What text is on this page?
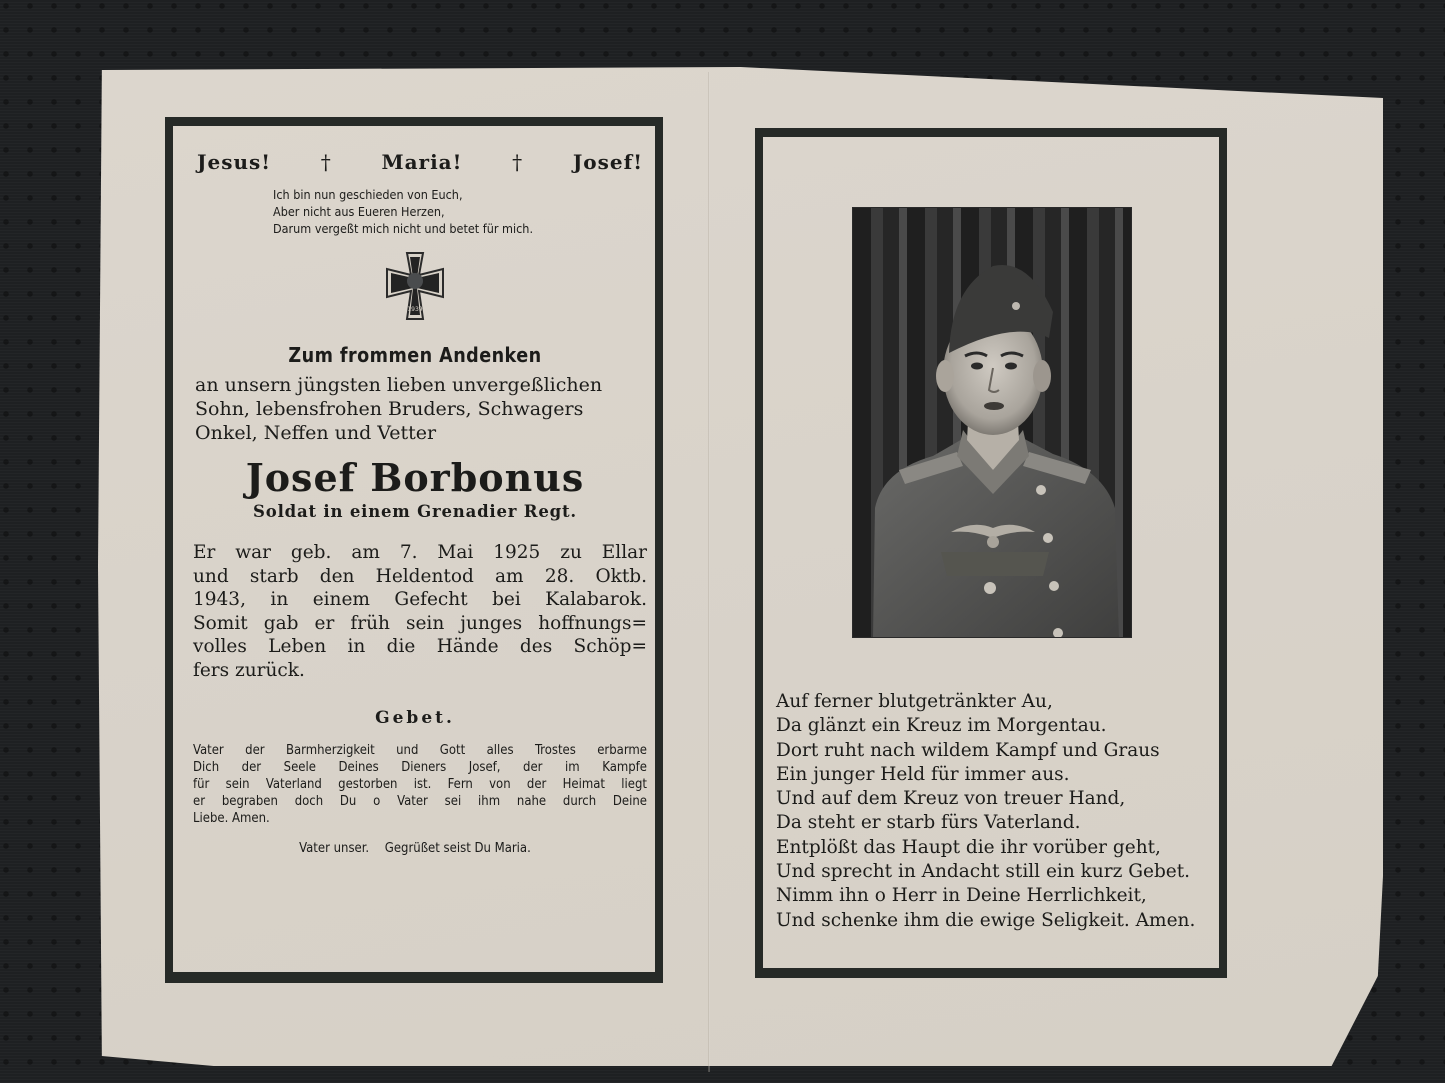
Jesus! † Maria! † Josef!
Ich bin nun geschieden von Euch,
Aber nicht aus Eueren Herzen,
Darum vergeßt mich nicht und betet für mich.
1939
Zum frommen Andenken
an unsern jüngsten lieben unvergeßlichen
Sohn, lebensfrohen Bruders, Schwagers
Onkel, Neffen und Vetter
Josef Borbonus
Soldat in einem Grenadier Regt.
Er war geb. am 7. Mai 1925 zu Ellar
und starb den Heldentod am 28. Oktb.
1943, in einem Gefecht bei Kalabarok.
Somit gab er früh sein junges hoffnungs=
volles Leben in die Hände des Schöp=
fers zurück.
Gebet.
Vater der Barmherzigkeit und Gott alles Trostes erbarme
Dich der Seele Deines Dieners Josef, der im Kampfe
für sein Vaterland gestorben ist. Fern von der Heimat liegt
er begraben doch Du o Vater sei ihm nahe durch Deine
Liebe. Amen.
Vater unser. Gegrüßet seist Du Maria.
Auf ferner blutgetränkter Au,
Da glänzt ein Kreuz im Morgentau.
Dort ruht nach wildem Kampf und Graus
Ein junger Held für immer aus.
Und auf dem Kreuz von treuer Hand,
Da steht er starb fürs Vaterland.
Entplößt das Haupt die ihr vorüber geht,
Und sprecht in Andacht still ein kurz Gebet.
Nimm ihn o Herr in Deine Herrlichkeit,
Und schenke ihm die ewige Seligkeit. Amen.
